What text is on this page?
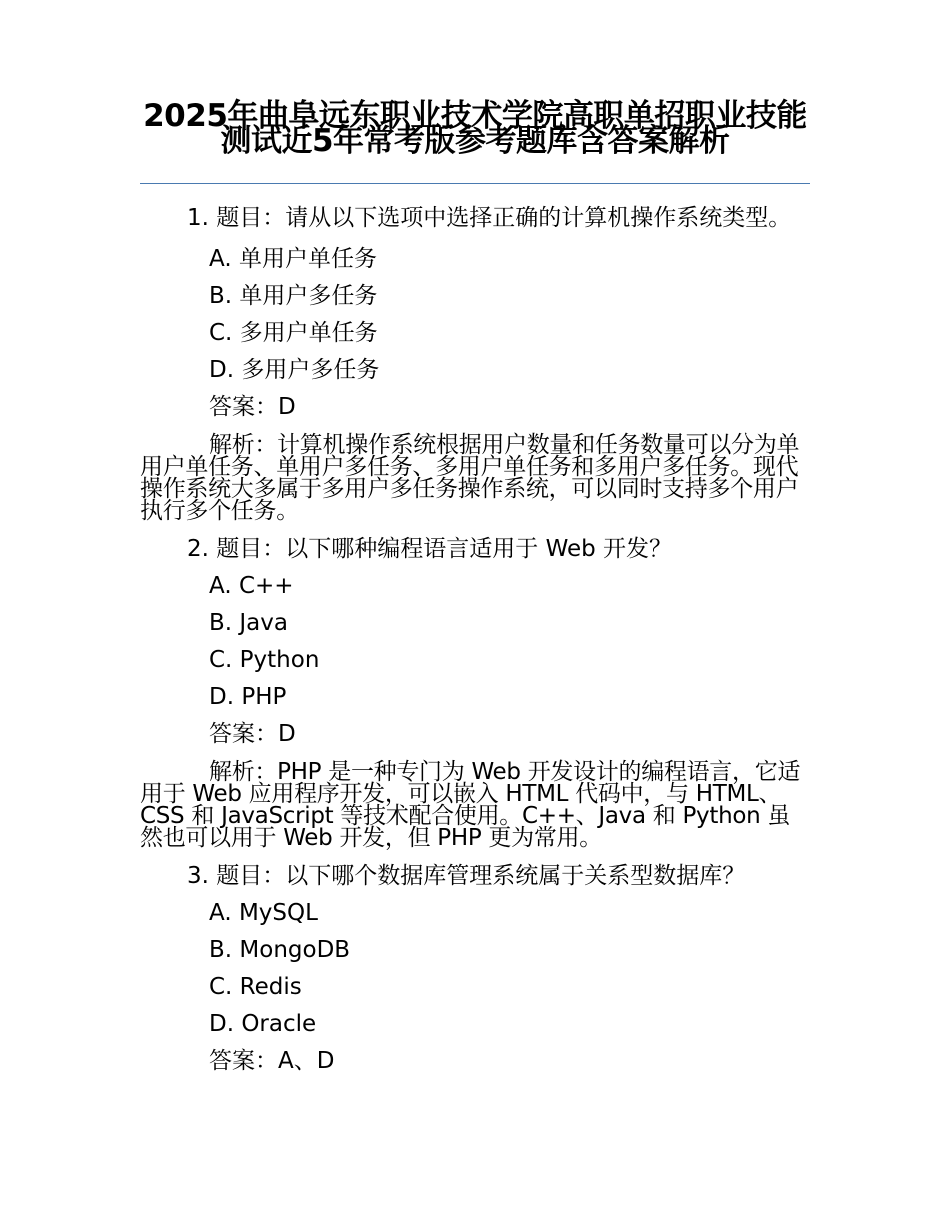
2025年曲阜远东职业技术学院高职单招职业技能测试近5年常考版参考题库含答案解析

1. 题目：请从以下选项中选择正确的计算机操作系统类型。

A. 单用户单任务

B. 单用户多任务

C. 多用户单任务

D. 多用户多任务

答案：D

解析：计算机操作系统根据用户数量和任务数量可以分为单用户单任务、单用户多任务、多用户单任务和多用户多任务。现代操作系统大多属于多用户多任务操作系统，可以同时支持多个用户执行多个任务。

2. 题目：以下哪种编程语言适用于 Web 开发？

A. C++

B. Java

C. Python

D. PHP

答案：D

解析：PHP 是一种专门为 Web 开发设计的编程语言，它适用于 Web 应用程序开发，可以嵌入 HTML 代码中，与 HTML、CSS 和 JavaScript 等技术配合使用。C++、Java 和 Python 虽然也可以用于 Web 开发，但 PHP 更为常用。

3. 题目：以下哪个数据库管理系统属于关系型数据库？

A. MySQL

B. MongoDB

C. Redis

D. Oracle

答案：A、D
